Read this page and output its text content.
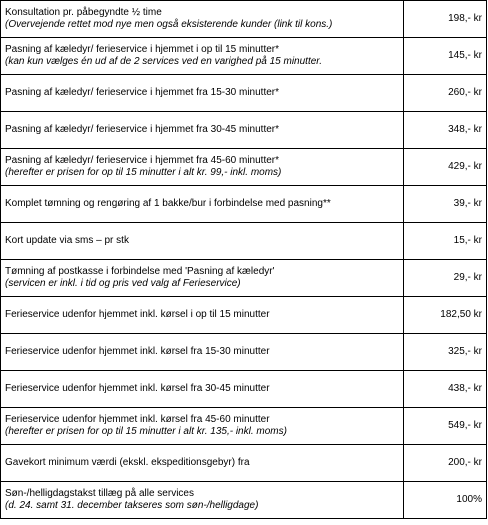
Konsultation pr. påbegyndte ½ time
(Overvejende rettet mod nye men også eksisterende kunder (link til kons.)	198,- kr

Pasning af kæledyr/ ferieservice i hjemmet i op til 15 minutter*
(kan kun vælges én ud af de 2 services ved en varighed på 15 minutter.	145,- kr

Pasning af kæledyr/ ferieservice i hjemmet fra 15-30 minutter*	260,- kr

Pasning af kæledyr/ ferieservice i hjemmet fra 30-45 minutter*	348,- kr

Pasning af kæledyr/ ferieservice i hjemmet fra 45-60 minutter*
(herefter er prisen for op til 15 minutter i alt kr. 99,- inkl. moms)	429,- kr

Komplet tømning og rengøring af 1 bakke/bur i forbindelse med pasning**	39,- kr

Kort update via sms – pr stk	15,- kr

Tømning af postkasse i forbindelse med 'Pasning af kæledyr'
(servicen er inkl. i tid og pris ved valg af Ferieservice)	29,- kr

Ferieservice udenfor hjemmet inkl. kørsel i op til 15 minutter	182,50 kr

Ferieservice udenfor hjemmet inkl. kørsel fra 15-30 minutter	325,- kr

Ferieservice udenfor hjemmet inkl. kørsel fra 30-45 minutter	438,- kr

Ferieservice udenfor hjemmet inkl. kørsel fra 45-60 minutter
(herefter er prisen for op til 15 minutter i alt kr. 135,- inkl. moms)	549,- kr

Gavekort minimum værdi (ekskl. ekspeditionsgebyr) fra	200,- kr

Søn-/helligdagstakst tillæg på alle services
(d. 24. samt 31. december takseres som søn-/helligdage)	100%
